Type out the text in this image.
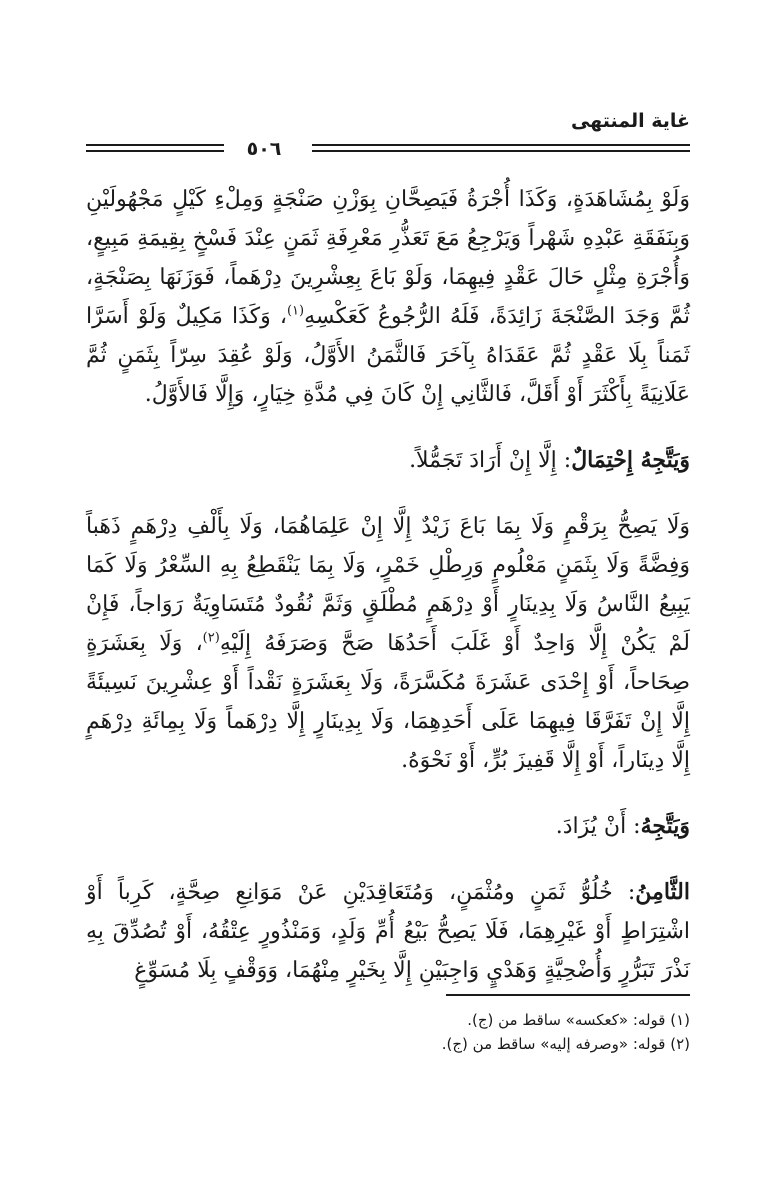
غاية المنتهى
٥٠٦

وَلَوْ بِمُشَاهَدَةٍ، وَكَذَا أُجْرَةُ فَيَصِحَّانِ بِوَزْنِ صَنْجَةٍ وَمِلْءِ كَيْلٍ مَجْهُولَيْنِ وَبِنَفَقَةِ عَبْدِهِ شَهْراً وَيَرْجِعُ مَعَ تَعَذُّرِ مَعْرِفَةِ ثَمَنٍ عِنْدَ فَسْخٍ بِقِيمَةِ مَبِيعٍ، وَأُجْرَةِ مِثْلٍ حَالَ عَقْدٍ فِيهِمَا، وَلَوْ بَاعَ بِعِشْرِينَ دِرْهَماً، فَوَزَنَهَا بِصَنْجَةٍ، ثُمَّ وَجَدَ الصَّنْجَةَ زَائِدَةً، فَلَهُ الرُّجُوعُ كَعَكْسِهِ$^{(١)}$، وَكَذَا مَكِيلٌ وَلَوْ أَسَرَّا ثَمَناً بِلَا عَقْدٍ ثُمَّ عَقَدَاهُ بِآخَرَ فَالثَّمَنُ الأَوَّلُ، وَلَوْ عُقِدَ سِرّاً بِثَمَنٍ ثُمَّ عَلَانِيَةً بِأَكْثَرَ أَوْ أَقَلَّ، فَالثَّانِي إِنْ كَانَ فِي مُدَّةِ خِيَارٍ، وَإِلَّا فَالأَوَّلُ.

وَيَتَّجِهُ إِحْتِمَالٌ: إِلَّا إِنْ أَرَادَ تَجَمُّلاً.

وَلَا يَصِحُّ بِرَقْمٍ وَلَا بِمَا بَاعَ زَيْدٌ إِلَّا إِنْ عَلِمَاهُمَا، وَلَا بِأَلْفِ دِرْهَمٍ ذَهَباً وَفِضَّةً وَلَا بِثَمَنٍ مَعْلُومٍ وَرِطْلِ خَمْرٍ، وَلَا بِمَا يَنْقَطِعُ بِهِ السِّعْرُ وَلَا كَمَا يَبِيعُ النَّاسُ وَلَا بِدِينَارٍ أَوْ دِرْهَمٍ مُطْلَقٍ وَثَمَّ نُقُودٌ مُتَسَاوِيَةٌ رَوَاجاً، فَإِنْ لَمْ يَكُنْ إِلَّا وَاحِدٌ أَوْ غَلَبَ أَحَدُهَا صَحَّ وَصَرَفَهُ إِلَيْهِ$^{(٢)}$، وَلَا بِعَشَرَةٍ صِحَاحاً، أَوْ إِحْدَى عَشَرَةَ مُكَسَّرَةً، وَلَا بِعَشَرَةٍ نَقْداً أَوْ عِشْرِينَ نَسِيئَةً إِلَّا إِنْ تَفَرَّقَا فِيهِمَا عَلَى أَحَدِهِمَا، وَلَا بِدِينَارٍ إِلَّا دِرْهَماً وَلَا بِمِائَةِ دِرْهَمٍ إِلَّا دِينَاراً، أَوْ إِلَّا قَفِيزَ بُرٍّ، أَوْ نَحْوَهُ.

وَيَتَّجِهُ: أَنْ يُزَادَ.

الثَّامِنُ: خُلُوُّ ثَمَنٍ ومُثْمَنٍ، وَمُتَعَاقِدَيْنِ عَنْ مَوَانِعِ صِحَّةٍ، كَرِباً أَوْ اشْتِرَاطٍ أَوْ غَيْرِهِمَا، فَلَا يَصِحُّ بَيْعُ أُمِّ وَلَدٍ، وَمَنْذُورٍ عِتْقُهُ، أَوْ تُصُدِّقَ بِهِ نَذْرَ تَبَرُّرٍ وَأُضْحِيَّةٍ وَهَدْيٍ وَاجِبَيْنِ إِلَّا بِخَيْرٍ مِنْهُمَا، وَوَقْفٍ بِلَا مُسَوِّغٍ

(١) قوله: «كعكسه» ساقط من (ج).

(٢) قوله: «وصرفه إليه» ساقط من (ج).
